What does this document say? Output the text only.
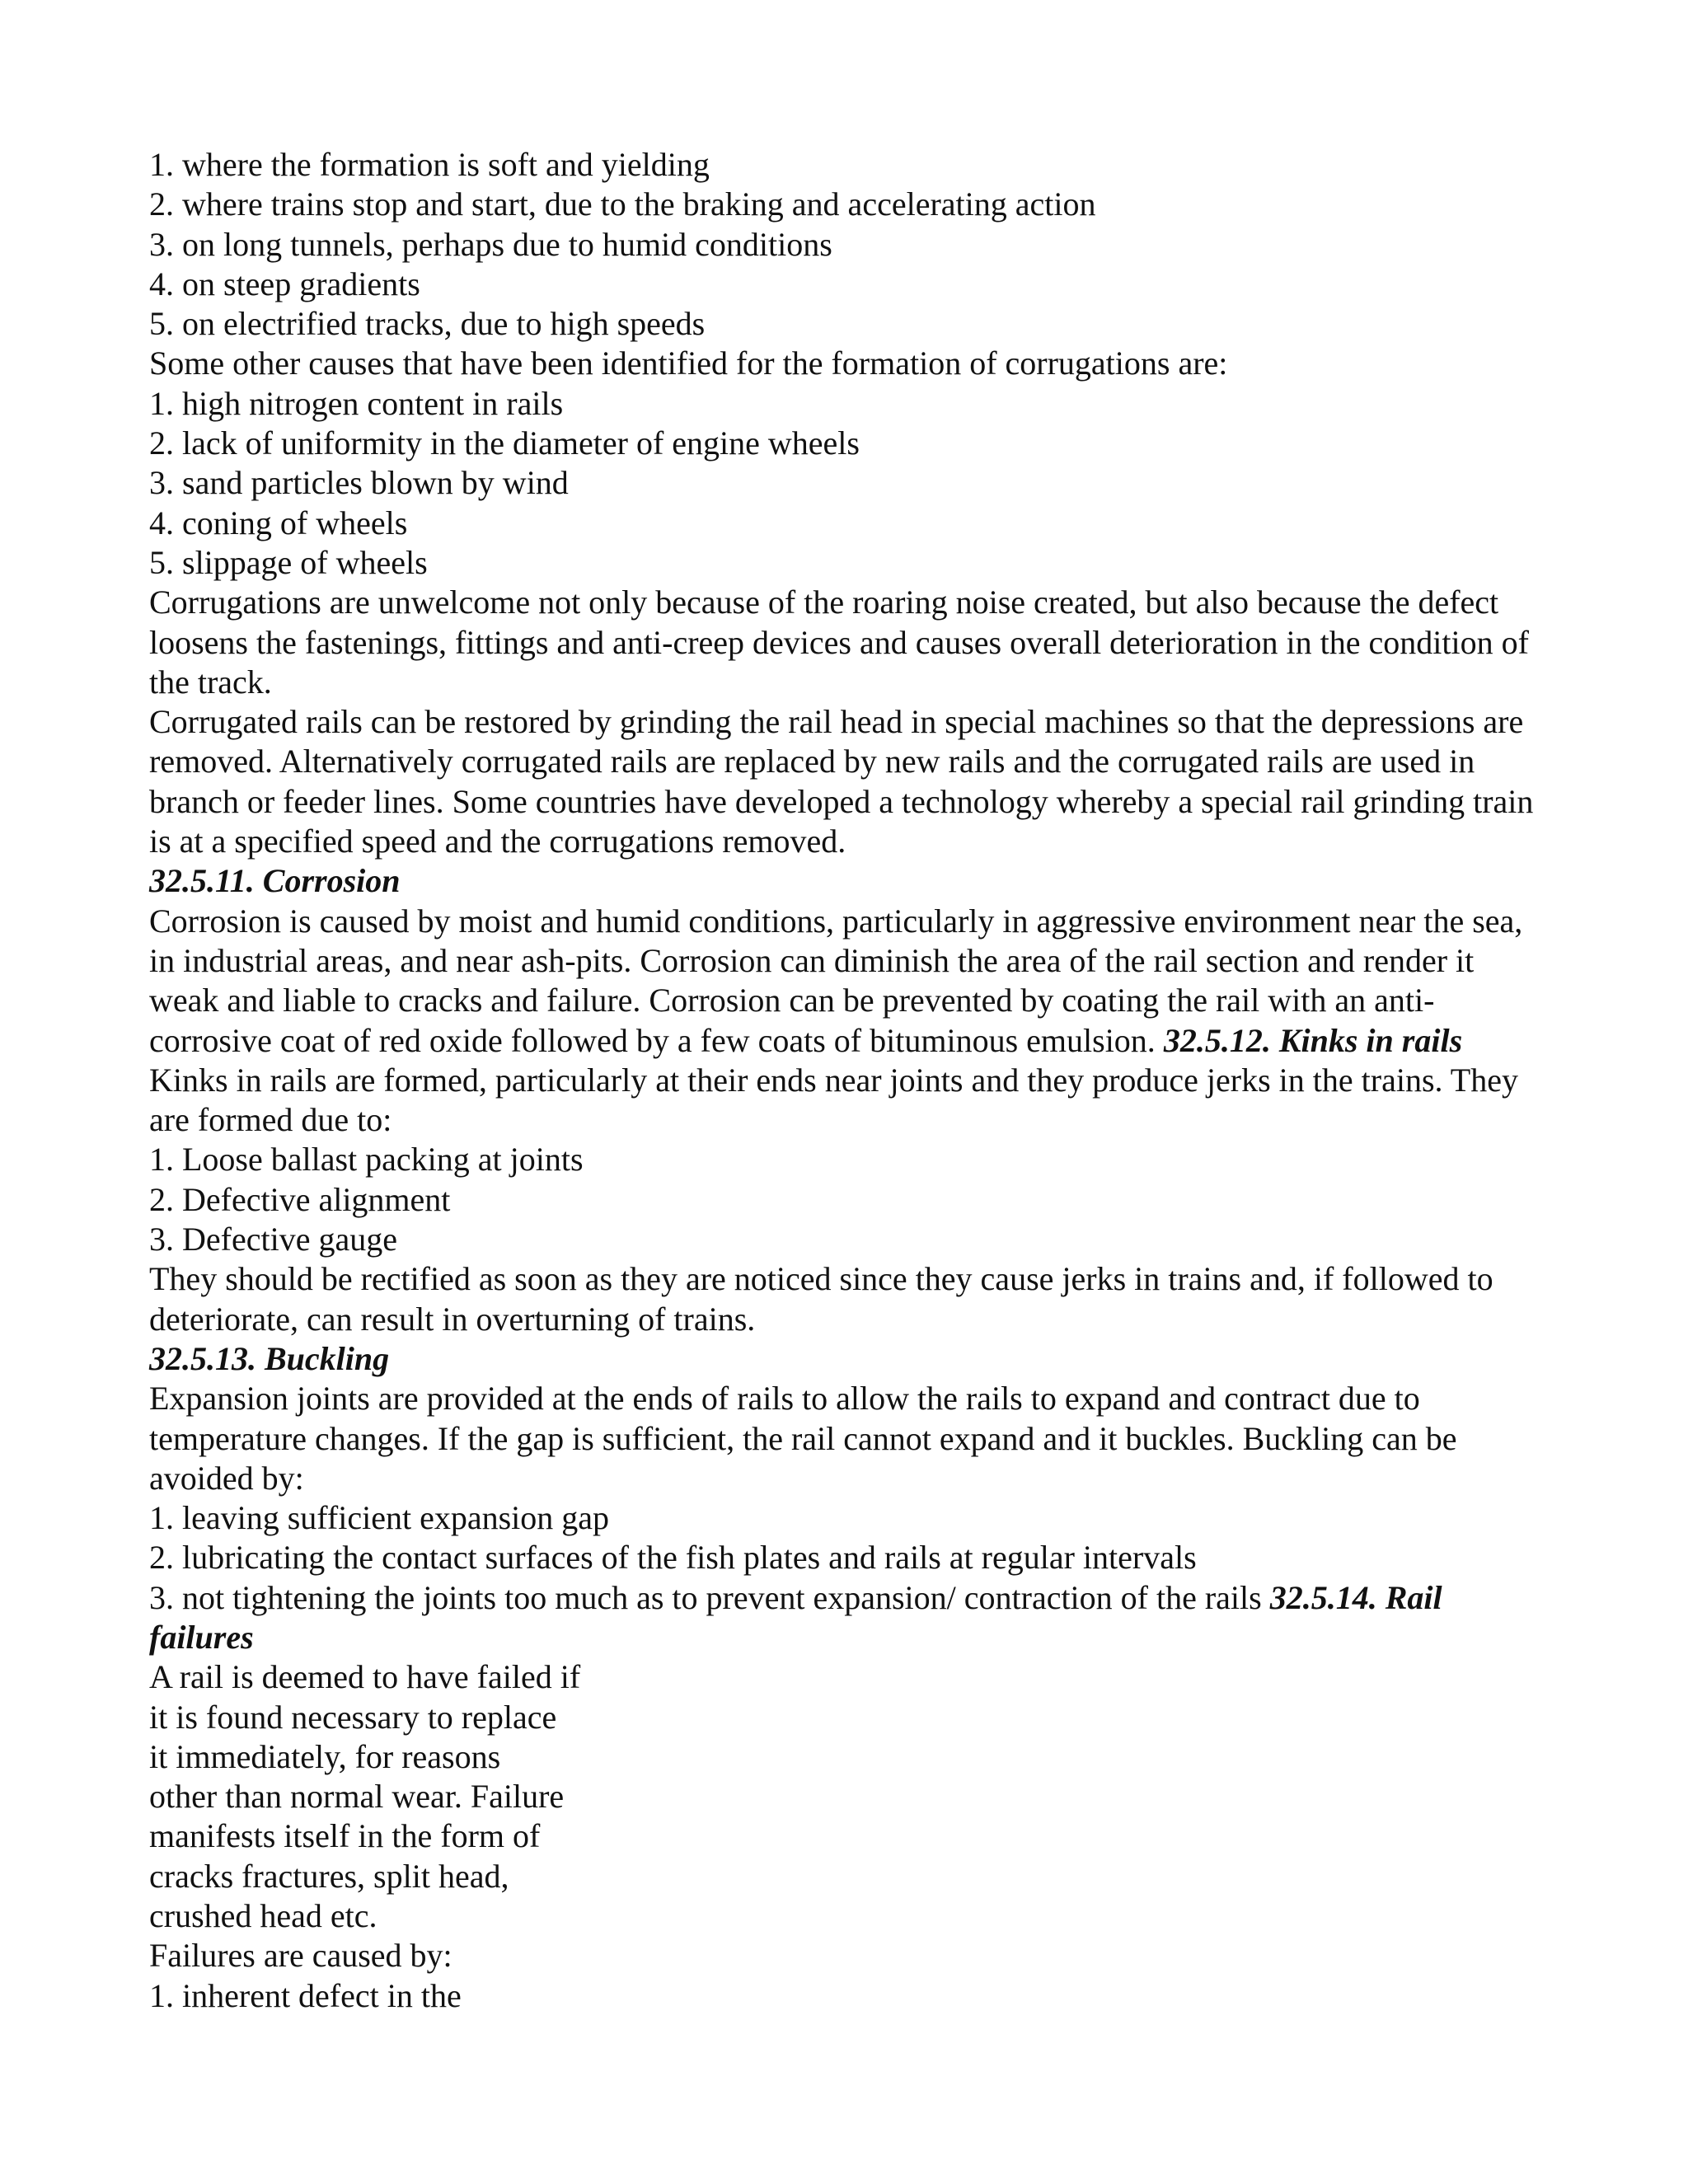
1. where the formation is soft and yielding
2. where trains stop and start, due to the braking and accelerating action
3. on long tunnels, perhaps due to humid conditions
4. on steep gradients
5. on electrified tracks, due to high speeds
Some other causes that have been identified for the formation of corrugations are:
1. high nitrogen content in rails
2. lack of uniformity in the diameter of engine wheels
3. sand particles blown by wind
4. coning of wheels
5. slippage of wheels
Corrugations are unwelcome not only because of the roaring noise created, but also because the defect
loosens the fastenings, fittings and anti-creep devices and causes overall deterioration in the condition of
the track.
Corrugated rails can be restored by grinding the rail head in special machines so that the depressions are
removed. Alternatively corrugated rails are replaced by new rails and the corrugated rails are used in
branch or feeder lines. Some countries have developed a technology whereby a special rail grinding train
is at a specified speed and the corrugations removed.
32.5.11. Corrosion
Corrosion is caused by moist and humid conditions, particularly in aggressive environment near the sea,
in industrial areas, and near ash-pits. Corrosion can diminish the area of the rail section and render it
weak and liable to cracks and failure. Corrosion can be prevented by coating the rail with an anti-
corrosive coat of red oxide followed by a few coats of bituminous emulsion. 32.5.12. Kinks in rails
Kinks in rails are formed, particularly at their ends near joints and they produce jerks in the trains. They
are formed due to:
1. Loose ballast packing at joints
2. Defective alignment
3. Defective gauge
They should be rectified as soon as they are noticed since they cause jerks in trains and, if followed to
deteriorate, can result in overturning of trains.
32.5.13. Buckling
Expansion joints are provided at the ends of rails to allow the rails to expand and contract due to
temperature changes. If the gap is sufficient, the rail cannot expand and it buckles. Buckling can be
avoided by:
1. leaving sufficient expansion gap
2. lubricating the contact surfaces of the fish plates and rails at regular intervals
3. not tightening the joints too much as to prevent expansion/ contraction of the rails 32.5.14. Rail
failures
A rail is deemed to have failed if
it is found necessary to replace
it immediately, for reasons
other than normal wear. Failure
manifests itself in the form of
cracks fractures, split head,
crushed head etc.
Failures are caused by:
1. inherent defect in the
